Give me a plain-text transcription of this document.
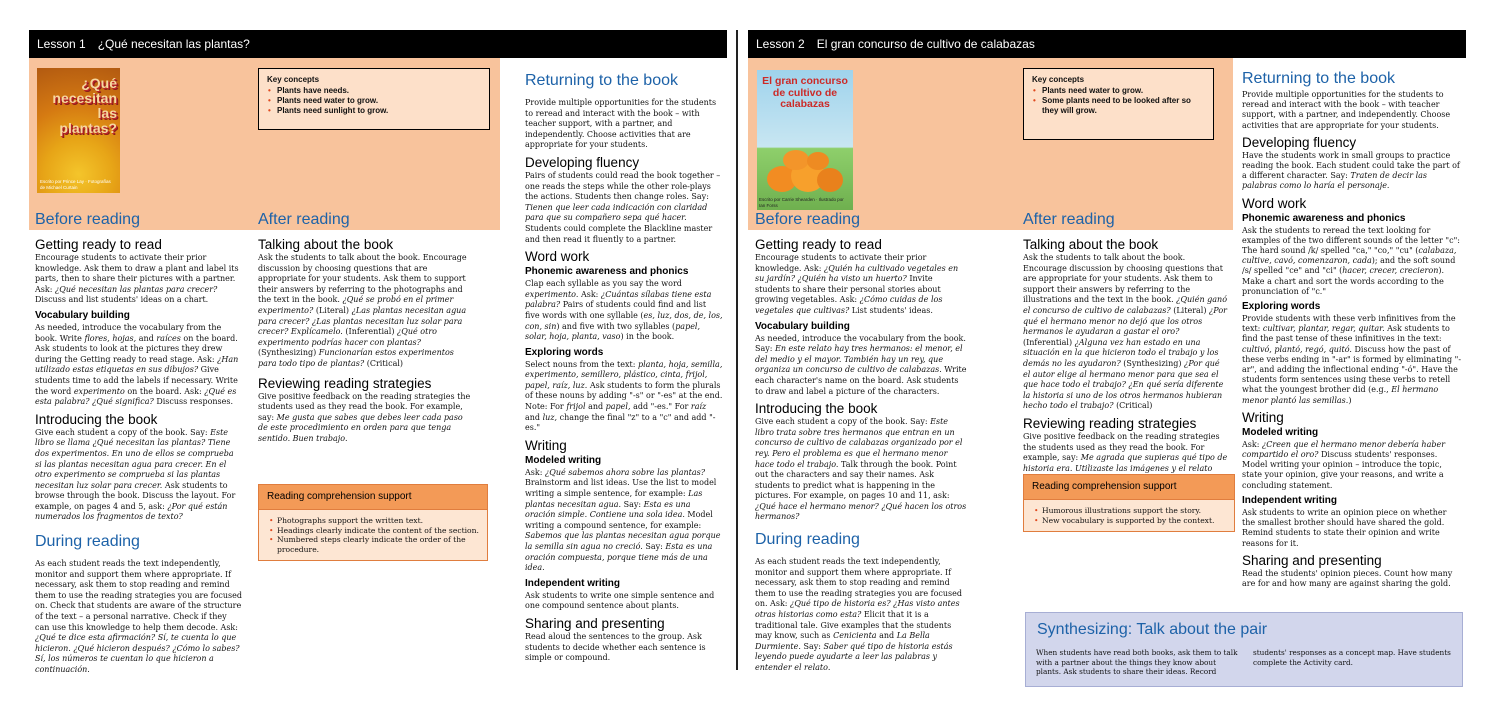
Lesson 1 ¿Qué necesitan las plantas?
¿Qué necesitan las plantas?
Escrito por Prince Lay · Fotografías de Michael Curtain
Key concepts
• Plants have needs.
• Plants need water to grow.
• Plants need sunlight to grow.
Before reading
Getting ready to read

Encourage students to activate their prior knowledge. Ask them to draw a plant and label its parts, then to share their pictures with a partner. Ask: ¿Qué necesitan las plantas para crecer? Discuss and list students' ideas on a chart.

Vocabulary building

As needed, introduce the vocabulary from the book. Write flores, hojas, and raíces on the board. Ask students to look at the pictures they drew during the Getting ready to read stage. Ask: ¿Han utilizado estas etiquetas en sus dibujos? Give students time to add the labels if necessary. Write the word experimento on the board. Ask: ¿Qué es esta palabra? ¿Qué significa? Discuss responses.

Introducing the book

Give each student a copy of the book. Say: Este libro se llama ¿Qué necesitan las plantas? Tiene dos experimentos. En uno de ellos se comprueba si las plantas necesitan agua para crecer. En el otro experimento se comprueba si las plantas necesitan luz solar para crecer. Ask students to browse through the book. Discuss the layout. For example, on pages 4 and 5, ask: ¿Por qué están numerados los fragmentos de texto?

During reading

As each student reads the text independently, monitor and support them where appropriate. If necessary, ask them to stop reading and remind them to use the reading strategies you are focused on. Check that students are aware of the structure of the text – a personal narrative. Check if they can use this knowledge to help them decode. Ask: ¿Qué te dice esta afirmación? Sí, te cuenta lo que hicieron. ¿Qué hicieron después? ¿Cómo lo sabes? Sí, los números te cuentan lo que hicieron a continuación.

After reading
Talking about the book

Ask the students to talk about the book. Encourage discussion by choosing questions that are appropriate for your students. Ask them to support their answers by referring to the photographs and the text in the book. ¿Qué se probó en el primer experimento? (Literal) ¿Las plantas necesitan agua para crecer? ¿Las plantas necesitan luz solar para crecer? Explícamelo. (Inferential) ¿Qué otro experimento podrías hacer con plantas? (Synthesizing) Funcionarían estos experimentos para todo tipo de plantas? (Critical)

Reviewing reading strategies

Give positive feedback on the reading strategies the students used as they read the book. For example, say: Me gusta que sabes que debes leer cada paso de este procedimiento en orden para que tenga sentido. Buen trabajo.

Reading comprehension support
• Photographs support the written text.
• Headings clearly indicate the content of the section.
• Numbered steps clearly indicate the order of the procedure.
Returning to the book

Provide multiple opportunities for the students to reread and interact with the book – with teacher support, with a partner, and independently. Choose activities that are appropriate for your students.

Developing fluency

Pairs of students could read the book together – one reads the steps while the other role-plays the actions. Students then change roles. Say: Tienen que leer cada indicación con claridad para que su compañero sepa qué hacer. Students could complete the Blackline master and then read it fluently to a partner.

Word work
Phonemic awareness and phonics

Clap each syllable as you say the word experimento. Ask: ¿Cuántas sílabas tiene esta palabra? Pairs of students could find and list five words with one syllable (es, luz, dos, de, los, con, sin) and five with two syllables (papel, solar, hoja, planta, vaso) in the book.

Exploring words

Select nouns from the text: planta, hoja, semilla, experimento, semillero, plástico, cinta, frijol, papel, raíz, luz. Ask students to form the plurals of these nouns by adding "-s" or "-es" at the end. Note: For frijol and papel, add "-es." For raíz and luz, change the final "z" to a "c" and add "-es."

Writing
Modeled writing

Ask: ¿Qué sabemos ahora sobre las plantas? Brainstorm and list ideas. Use the list to model writing a simple sentence, for example: Las plantas necesitan agua. Say: Esta es una oración simple. Contiene una sola idea. Model writing a compound sentence, for example: Sabemos que las plantas necesitan agua porque la semilla sin agua no creció. Say: Esta es una oración compuesta, porque tiene más de una idea.

Independent writing

Ask students to write one simple sentence and one compound sentence about plants.

Sharing and presenting

Read aloud the sentences to the group. Ask students to decide whether each sentence is simple or compound.

Lesson 2 El gran concurso de cultivo de calabazas
El gran concurso de cultivo de calabazas
Escrito por Carrie Shearden · Ilustrado por Ian Forss
Key concepts
• Plants need water to grow.
• Some plants need to be looked after so they will grow.
Before reading
Getting ready to read

Encourage students to activate their prior knowledge. Ask: ¿Quién ha cultivado vegetales en su jardín? ¿Quién ha visto un huerto? Invite students to share their personal stories about growing vegetables. Ask: ¿Cómo cuidas de los vegetales que cultivas? List students' ideas.

Vocabulary building

As needed, introduce the vocabulary from the book. Say: En este relato hay tres hermanos: el menor, el del medio y el mayor. También hay un rey, que organiza un concurso de cultivo de calabazas. Write each character's name on the board. Ask students to draw and label a picture of the characters.

Introducing the book

Give each student a copy of the book. Say: Este libro trata sobre tres hermanos que entran en un concurso de cultivo de calabazas organizado por el rey. Pero el problema es que el hermano menor hace todo el trabajo. Talk through the book. Point out the characters and say their names. Ask students to predict what is happening in the pictures. For example, on pages 10 and 11, ask: ¿Qué hace el hermano menor? ¿Qué hacen los otros hermanos?

During reading

As each student reads the text independently, monitor and support them where appropriate. If necessary, ask them to stop reading and remind them to use the reading strategies you are focused on. Ask: ¿Qué tipo de historia es? ¿Has visto antes otras historias como esta? Elicit that it is a traditional tale. Give examples that the students may know, such as Cenicienta and La Bella Durmiente. Say: Saber qué tipo de historia estás leyendo puede ayudarte a leer las palabras y entender el relato.

After reading
Talking about the book

Ask the students to talk about the book. Encourage discussion by choosing questions that are appropriate for your students. Ask them to support their answers by referring to the illustrations and the text in the book. ¿Quién ganó el concurso de cultivo de calabazas? (Literal) ¿Por qué el hermano menor no dejó que los otros hermanos le ayudaran a gastar el oro? (Inferential) ¿Alguna vez han estado en una situación en la que hicieron todo el trabajo y los demás no les ayudaron? (Synthesizing) ¿Por qué el autor elige al hermano menor para que sea el que hace todo el trabajo? ¿En qué sería diferente la historia si uno de los otros hermanos hubieran hecho todo el trabajo? (Critical)

Reviewing reading strategies

Give positive feedback on the reading strategies the students used as they read the book. For example, say: Me agrada que supieras qué tipo de historia era. Utilizaste las imágenes y el relato

Reading comprehension support
• Humorous illustrations support the story.
• New vocabulary is supported by the context.
Returning to the book

Provide multiple opportunities for the students to reread and interact with the book – with teacher support, with a partner, and independently. Choose activities that are appropriate for your students.

Developing fluency

Have the students work in small groups to practice reading the book. Each student could take the part of a different character. Say: Traten de decir las palabras como lo haría el personaje.

Word work
Phonemic awareness and phonics

Ask the students to reread the text looking for examples of the two different sounds of the letter "c": The hard sound /k/ spelled "ca," "co," "cu" (calabaza, cultive, cavó, comenzaron, cada); and the soft sound /s/ spelled "ce" and "ci" (hacer, crecer, crecieron). Make a chart and sort the words according to the pronunciation of "c."

Exploring words

Provide students with these verb infinitives from the text: cultivar, plantar, regar, quitar. Ask students to find the past tense of these infinitives in the text: cultivó, plantó, regó, quitó. Discuss how the past of these verbs ending in "-ar" is formed by eliminating "-ar", and adding the inflectional ending "-ó". Have the students form sentences using these verbs to retell what the youngest brother did (e.g., El hermano menor plantó las semillas.)

Writing
Modeled writing

Ask: ¿Creen que el hermano menor debería haber compartido el oro? Discuss students' responses. Model writing your opinion – introduce the topic, state your opinion, give your reasons, and write a concluding statement.

Independent writing

Ask students to write an opinion piece on whether the smallest brother should have shared the gold. Remind students to state their opinion and write reasons for it.

Sharing and presenting

Read the students' opinion pieces. Count how many are for and how many are against sharing the gold.

Synthesizing: Talk about the pair
When students have read both books, ask them to talk with a partner about the things they know about plants. Ask students to share their ideas. Record students' responses as a concept map. Have students complete the Activity card.
